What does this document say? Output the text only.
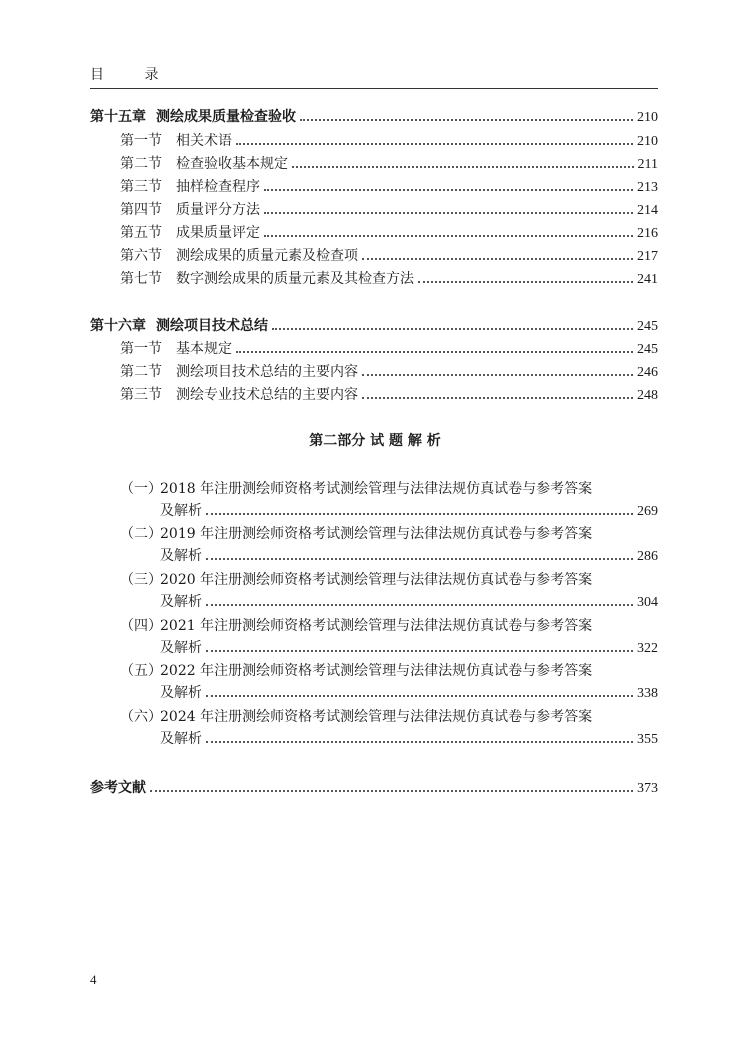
目 录
第十五章 测绘成果质量检查验收	210
第一节 相关术语	210
第二节 检查验收基本规定	211
第三节 抽样检查程序	213
第四节 质量评分方法	214
第五节 成果质量评定	216
第六节 测绘成果的质量元素及检查项	217
第七节 数字测绘成果的质量元素及其检查方法	241
第十六章 测绘项目技术总结	245
第一节 基本规定	245
第二节 测绘项目技术总结的主要内容	246
第三节 测绘专业技术总结的主要内容	248
第二部分 试 题 解 析
（一）2018 年注册测绘师资格考试测绘管理与法律法规仿真试卷与参考答案
及解析	269
（二）2019 年注册测绘师资格考试测绘管理与法律法规仿真试卷与参考答案
及解析	286
（三）2020 年注册测绘师资格考试测绘管理与法律法规仿真试卷与参考答案
及解析	304
（四）2021 年注册测绘师资格考试测绘管理与法律法规仿真试卷与参考答案
及解析	322
（五）2022 年注册测绘师资格考试测绘管理与法律法规仿真试卷与参考答案
及解析	338
（六）2024 年注册测绘师资格考试测绘管理与法律法规仿真试卷与参考答案
及解析	355
参考文献	373
4
